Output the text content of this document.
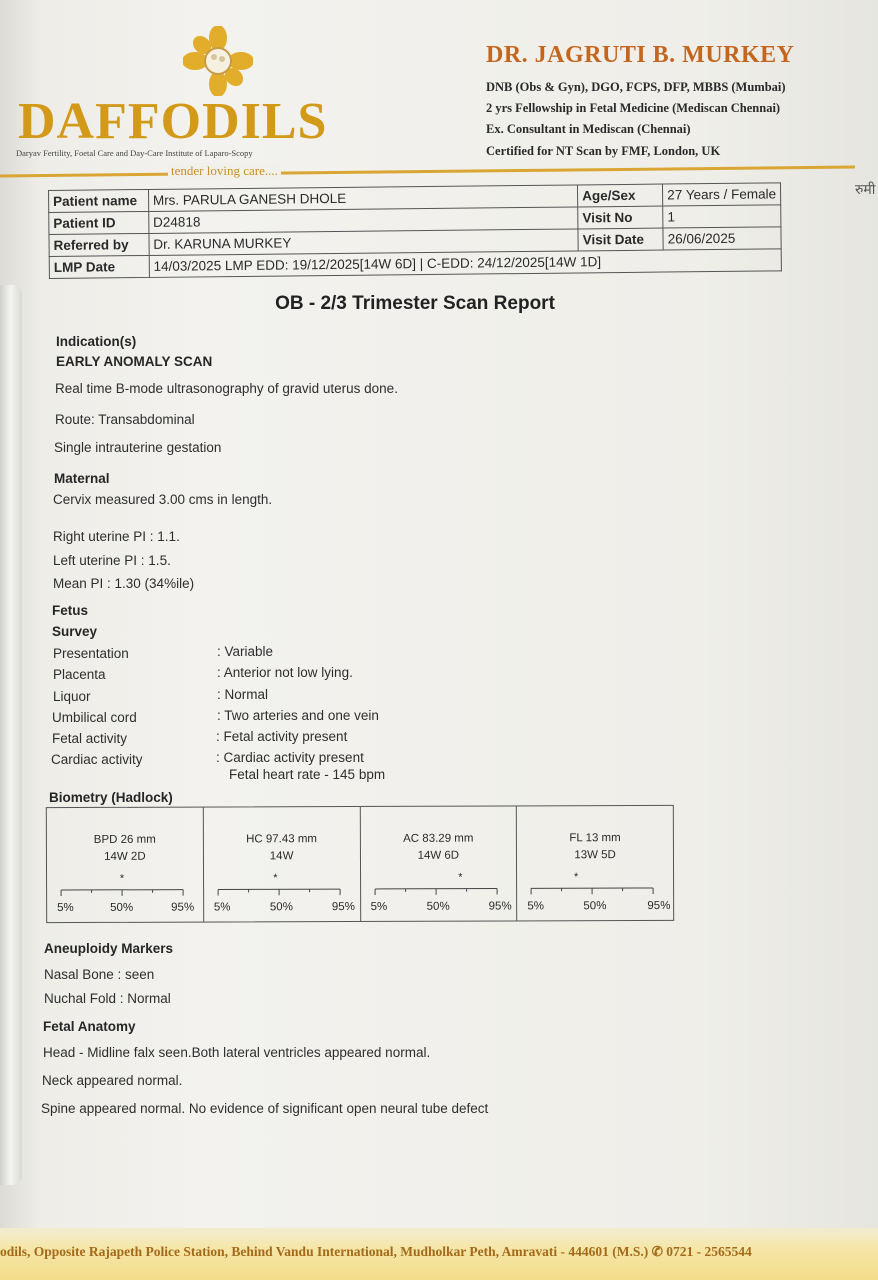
DAFFODILS
Daryav Fertility, Foetal Care and Day-Care Institute of Laparo-Scopy
tender loving care....
DR. JAGRUTI B. MURKEY
DNB (Obs & Gyn), DGO, FCPS, DFP, MBBS (Mumbai)
2 yrs Fellowship in Fetal Medicine (Mediscan Chennai)
Ex. Consultant in Mediscan (Chennai)
Certified for NT Scan by FMF, London, UK
रुमी
Patient name	Mrs. PARULA GANESH DHOLE	Age/Sex	27 Years / Female
Patient ID	D24818	Visit No	1
Referred by	Dr. KARUNA MURKEY	Visit Date	26/06/2025
LMP Date	14/03/2025 LMP EDD: 19/12/2025[14W 6D] | C-EDD: 24/12/2025[14W 1D]		
OB - 2/3 Trimester Scan Report
Indication(s)
EARLY ANOMALY SCAN
Real time B-mode ultrasonography of gravid uterus done.
Route: Transabdominal
Single intrauterine gestation
Maternal
Cervix measured 3.00 cms in length.
Right uterine PI : 1.1.
Left uterine PI : 1.5.
Mean PI : 1.30 (34%ile)
Fetus
Survey
Presentation	: Variable
Placenta	: Anterior not low lying.
Liquor	: Normal
Umbilical cord	: Two arteries and one vein
Fetal activity	: Fetal activity present
Cardiac activity	: Cardiac activity present
Fetal heart rate - 145 bpm
Biometry (Hadlock)
BPD 26 mm
14W 2D
*
5%	50%	95%
HC 97.43 mm
14W
*
5%	50%	95%
AC 83.29 mm
14W 6D
*
5%	50%	95%
FL 13 mm
13W 5D
*
5%	50%	95%
Aneuploidy Markers
Nasal Bone : seen
Nuchal Fold : Normal
Fetal Anatomy
Head - Midline falx seen.Both lateral ventricles appeared normal.
Neck appeared normal.
Spine appeared normal. No evidence of significant open neural tube defect
odils, Opposite Rajapeth Police Station, Behind Vandu International, Mudholkar Peth, Amravati - 444601 (M.S.) ✆ 0721 - 2565544
